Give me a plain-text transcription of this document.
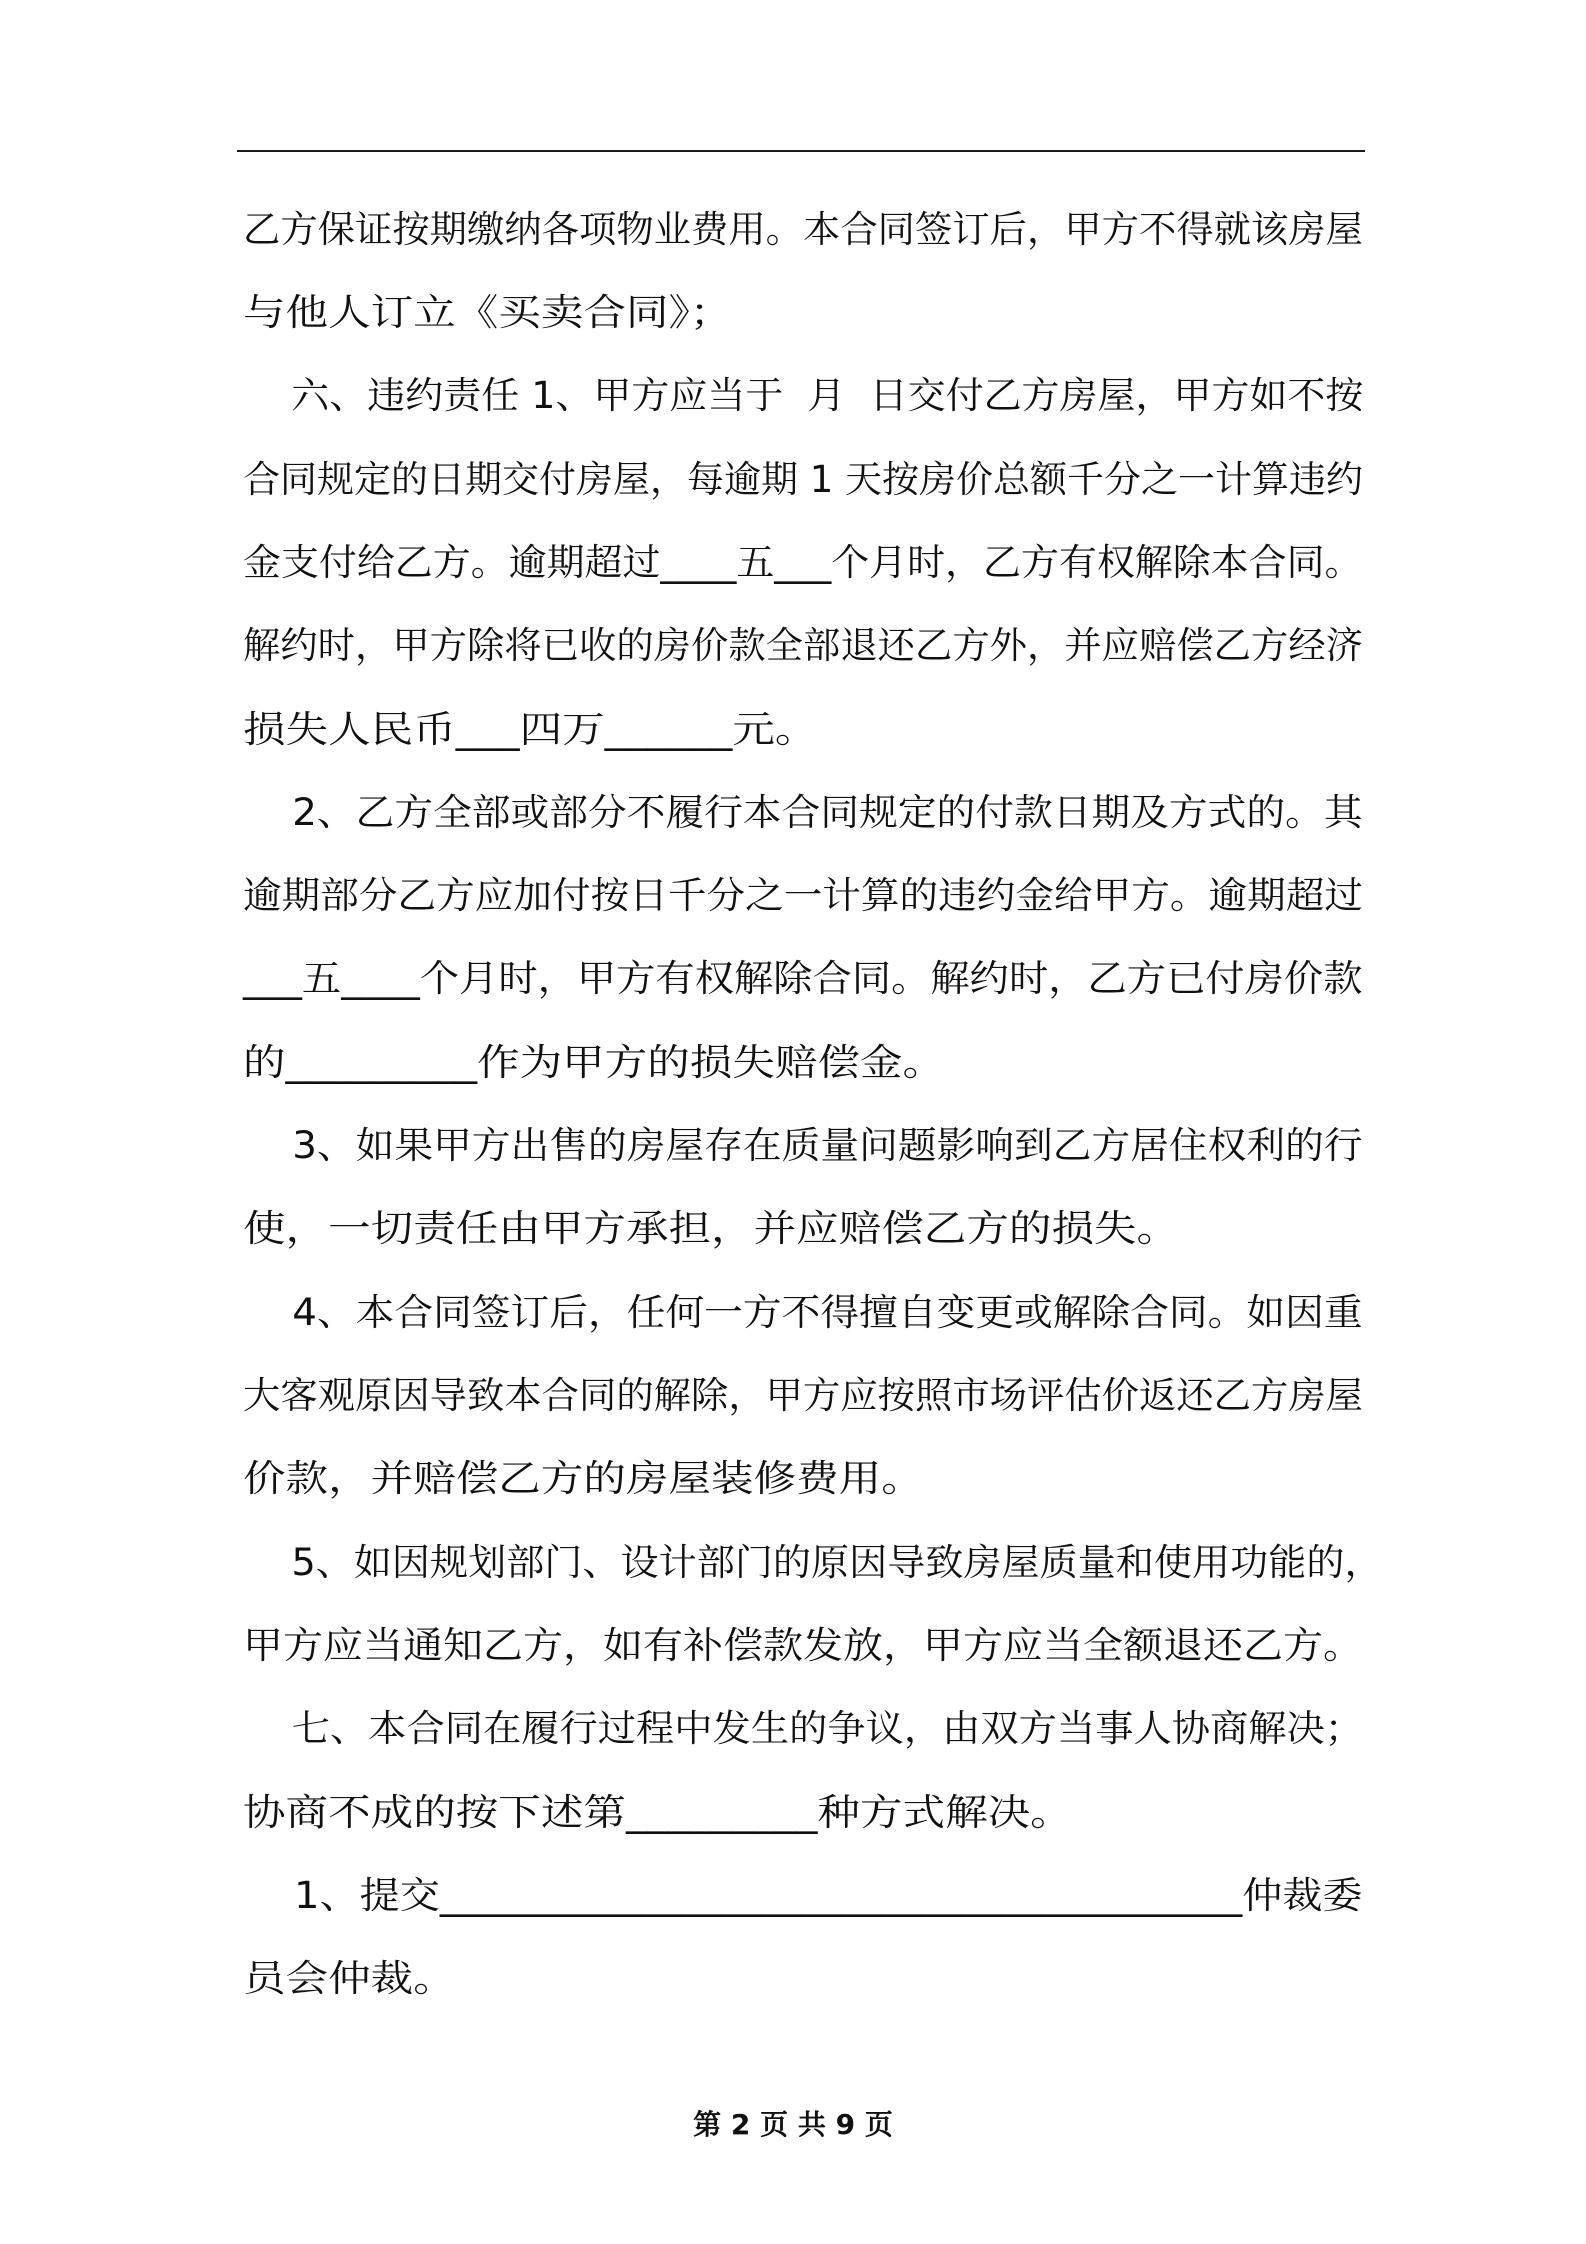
乙方保证按期缴纳各项物业费用。本合同签订后，甲方不得就该房屋
与他人订立《买卖合同》；
六、违约责任 1、甲方应当于  月  日交付乙方房屋，甲方如不按
合同规定的日期交付房屋，每逾期 1 天按房价总额千分之一计算违约
金支付给乙方。逾期超过____五___个月时，乙方有权解除本合同。
解约时，甲方除将已收的房价款全部退还乙方外，并应赔偿乙方经济
损失人民币___四万______元。
2、乙方全部或部分不履行本合同规定的付款日期及方式的。其
逾期部分乙方应加付按日千分之一计算的违约金给甲方。逾期超过
___五____个月时，甲方有权解除合同。解约时，乙方已付房价款
的_________作为甲方的损失赔偿金。
3、如果甲方出售的房屋存在质量问题影响到乙方居住权利的行
使，一切责任由甲方承担，并应赔偿乙方的损失。
4、本合同签订后，任何一方不得擅自变更或解除合同。如因重
大客观原因导致本合同的解除，甲方应按照市场评估价返还乙方房屋
价款，并赔偿乙方的房屋装修费用。
5、如因规划部门、设计部门的原因导致房屋质量和使用功能的，
甲方应当通知乙方，如有补偿款发放，甲方应当全额退还乙方。
七、本合同在履行过程中发生的争议，由双方当事人协商解决；
协商不成的按下述第_________种方式解决。
1、提交________________________________________仲裁委
员会仲裁。
第 2 页 共 9 页
